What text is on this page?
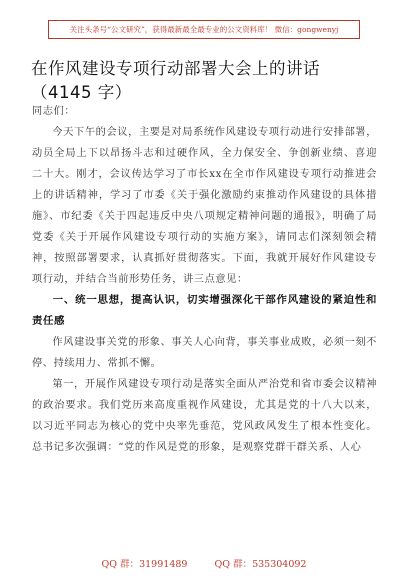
关注头条号“公文研究”，获得最新最全最专业的公文资料库！ 微信：gongwenyj
在作风建设专项行动部署大会上的讲话
（4145 字）

同志们：

今天下午的会议，主要是对局系统作风建设专项行动进行安排部署，动员全局上下以昂扬斗志和过硬作风，全力保安全、争创新业绩、喜迎二十大。刚才，会议传达学习了市长xx在全市作风建设专项行动推进会上的讲话精神，学习了市委《关于强化激励约束推动作风建设的具体措施》、市纪委《关于四起违反中央八项规定精神问题的通报》，明确了局党委《关于开展作风建设专项行动的实施方案》，请同志们深刻领会精神，按照部署要求，认真抓好贯彻落实。下面，我就开展好作风建设专项行动，并结合当前形势任务，讲三点意见：

一、统一思想，提高认识，切实增强深化干部作风建设的紧迫性和责任感

作风建设事关党的形象、事关人心向背，事关事业成败，必须一刻不停、持续用力、常抓不懈。

第一，开展作风建设专项行动是落实全面从严治党和省市委会议精神的政治要求。我们党历来高度重视作风建设，尤其是党的十八大以来，以习近平同志为核心的党中央率先垂范，党风政风发生了根本性变化。总书记多次强调：“党的作风是党的形象，是观察党群干群关系、人心

QQ 群：31991489	QQ 群：535304092
